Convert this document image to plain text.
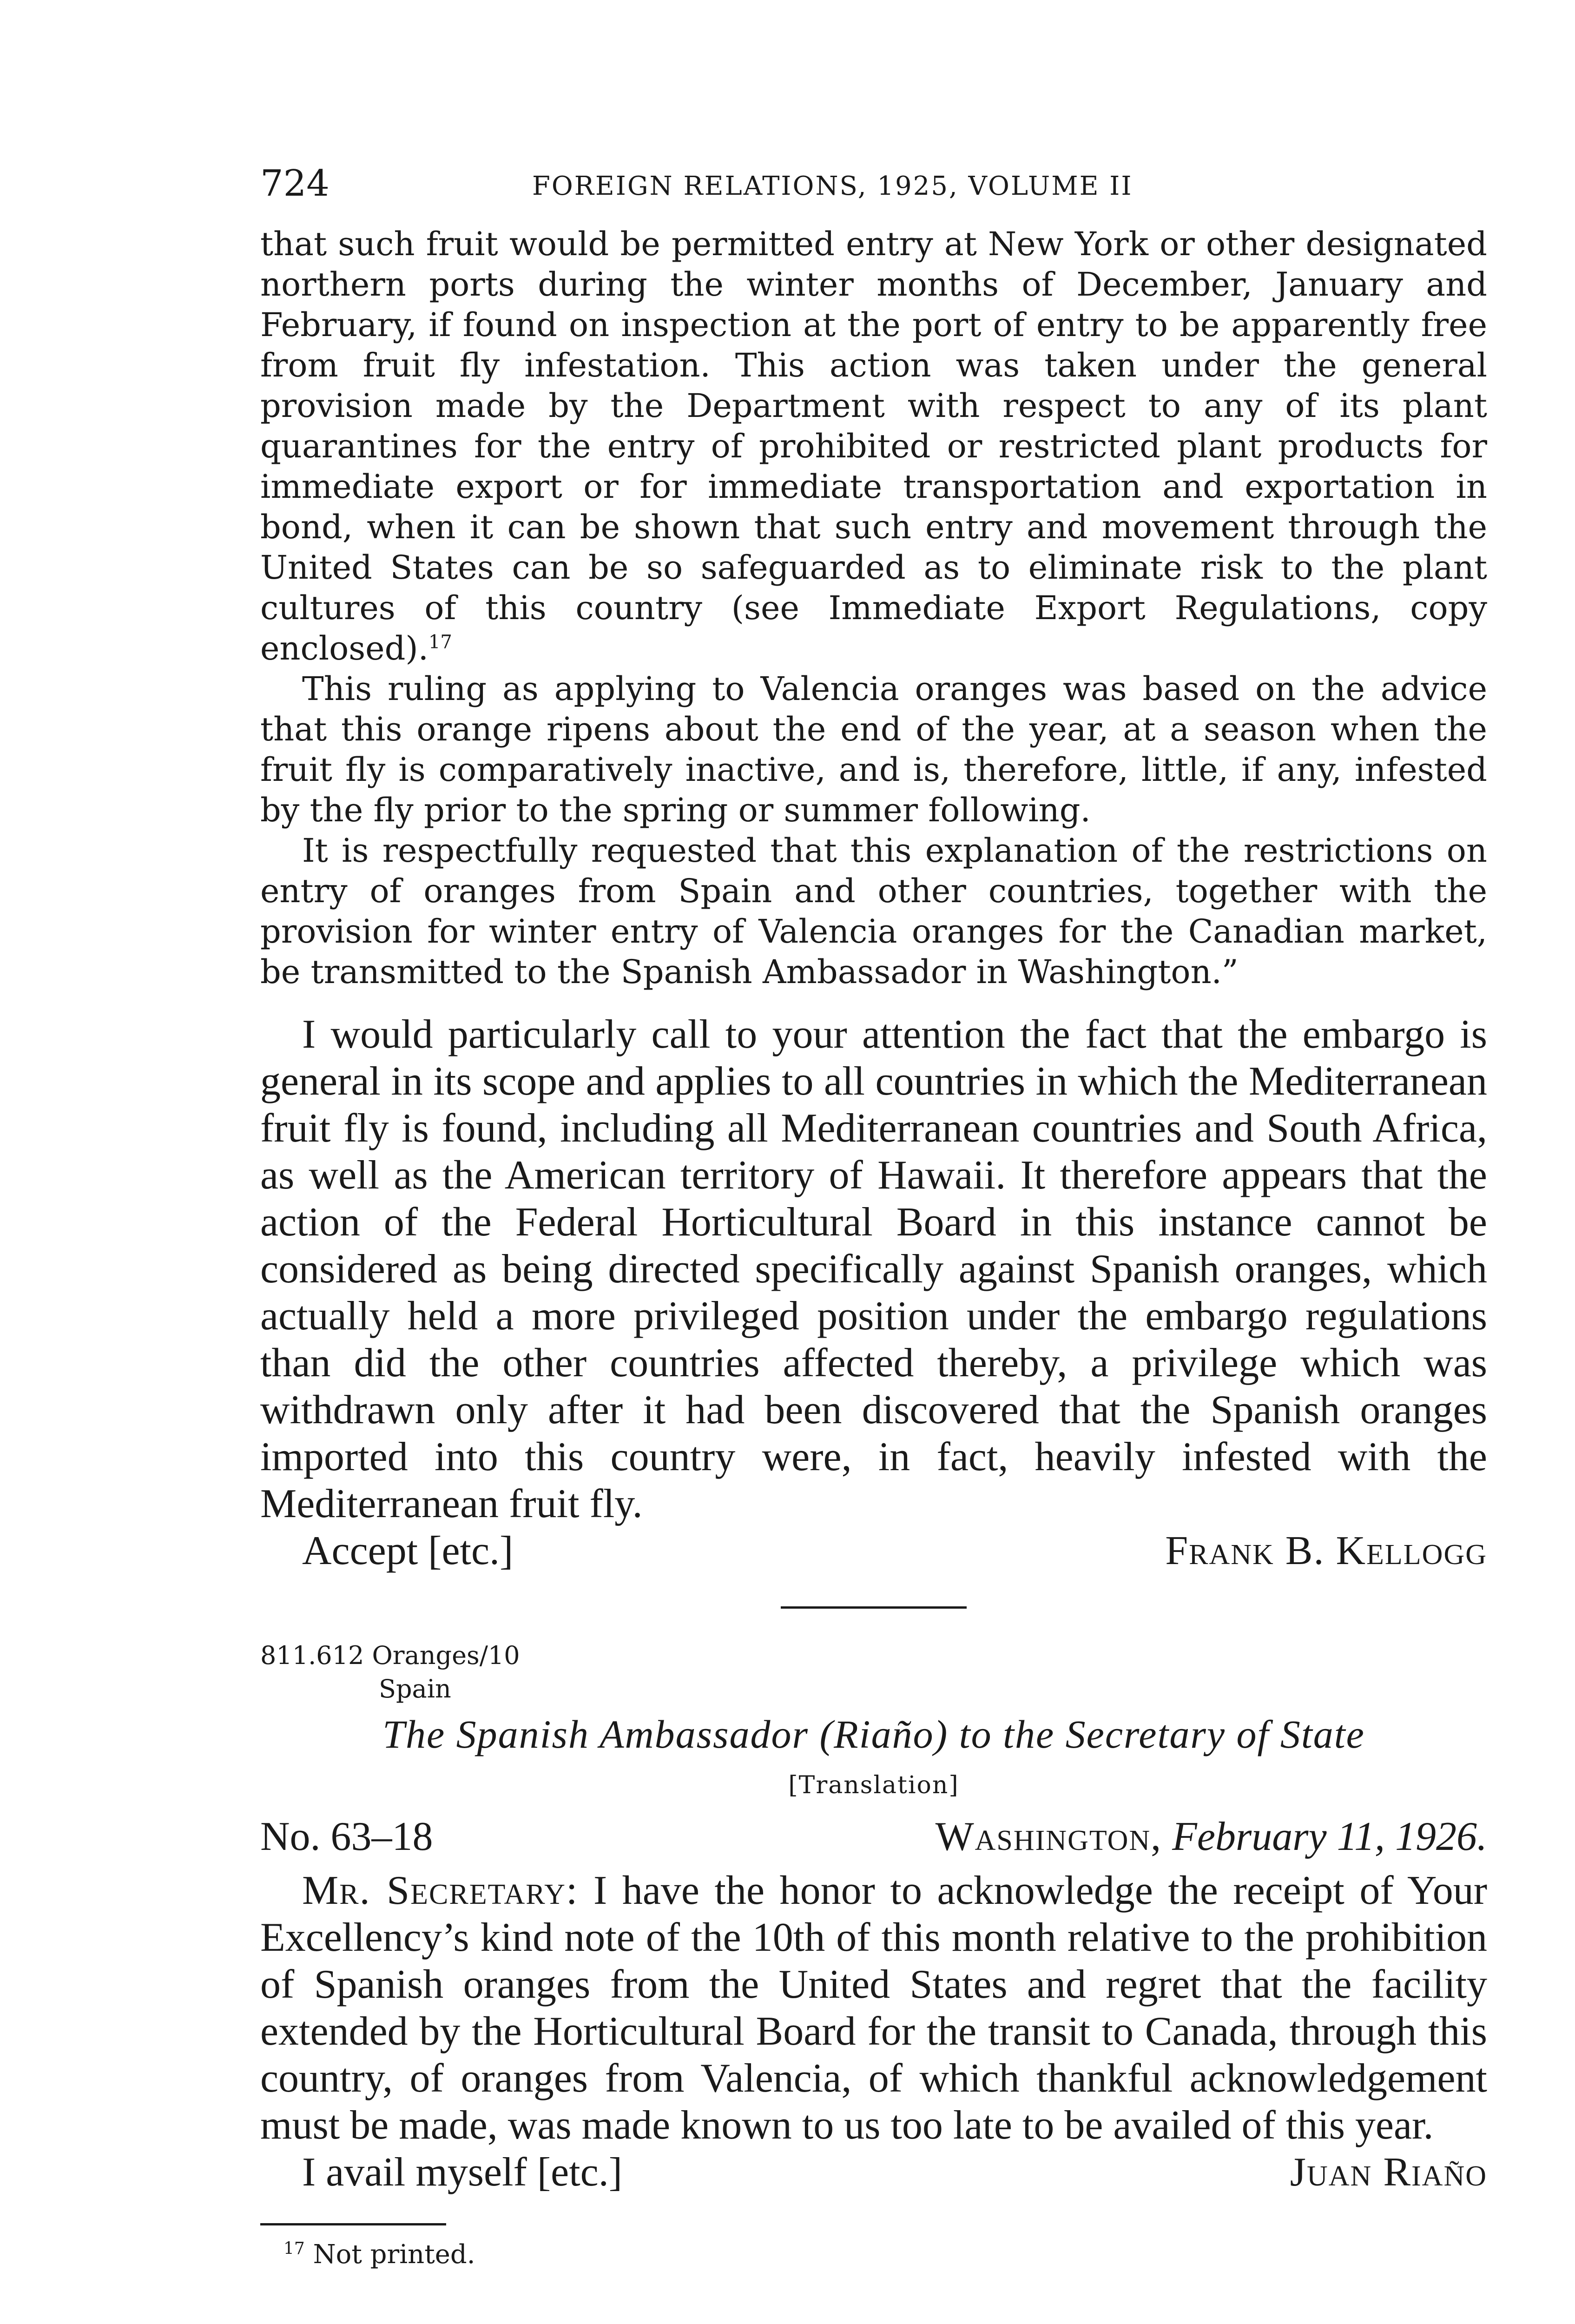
724	FOREIGN RELATIONS, 1925, VOLUME II

that such fruit would be permitted entry at New York or other designated northern ports during the winter months of December, January and February, if found on inspection at the port of entry to be apparently free from fruit fly infestation. This action was taken under the general provision made by the Department with respect to any of its plant quarantines for the entry of prohibited or restricted plant products for immediate export or for immediate transportation and exportation in bond, when it can be shown that such entry and movement through the United States can be so safeguarded as to eliminate risk to the plant cultures of this country (see Immediate Export Regulations, copy enclosed).$^{17}$

This ruling as applying to Valencia oranges was based on the advice that this orange ripens about the end of the year, at a season when the fruit fly is comparatively inactive, and is, therefore, little, if any, infested by the fly prior to the spring or summer following.

It is respectfully requested that this explanation of the restrictions on entry of oranges from Spain and other countries, together with the provision for winter entry of Valencia oranges for the Canadian market, be transmitted to the Spanish Ambassador in Washington.”

I would particularly call to your attention the fact that the embargo is general in its scope and applies to all countries in which the Mediterranean fruit fly is found, including all Mediterranean countries and South Africa, as well as the American territory of Hawaii. It therefore appears that the action of the Federal Horticultural Board in this instance cannot be considered as being directed specifically against Spanish oranges, which actually held a more privileged position under the embargo regulations than did the other countries affected thereby, a privilege which was withdrawn only after it had been discovered that the Spanish oranges imported into this country were, in fact, heavily infested with the Mediterranean fruit fly.

Accept [etc.]	Frank B. Kellogg
811.612 Oranges/10
Spain
The Spanish Ambassador (Riaño) to the Secretary of State
[Translation]
No. 63–18	Washington, February 11, 1926.

Mr. Secretary: I have the honor to acknowledge the receipt of Your Excellency’s kind note of the 10th of this month relative to the prohibition of Spanish oranges from the United States and regret that the facility extended by the Horticultural Board for the transit to Canada, through this country, of oranges from Valencia, of which thankful acknowledgement must be made, was made known to us too late to be availed of this year.

I avail myself [etc.]	Juan Riaño
$^{17}$ Not printed.
